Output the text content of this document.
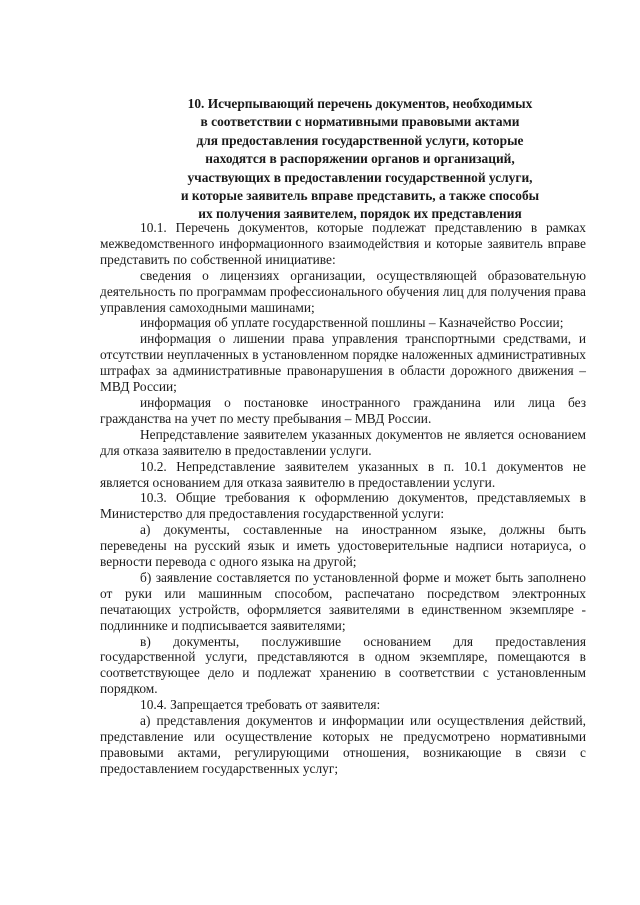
10. Исчерпывающий перечень документов, необходимых
в соответствии с нормативными правовыми актами
для предоставления государственной услуги, которые
находятся в распоряжении органов и организаций,
участвующих в предоставлении государственной услуги,
и которые заявитель вправе представить, а также способы
их получения заявителем, порядок их представления

10.1. Перечень документов, которые подлежат представлению в рамках межведомственного информационного взаимодействия и которые заявитель вправе представить по собственной инициативе:

сведения о лицензиях организации, осуществляющей образовательную деятельность по программам профессионального обучения лиц для получения права управления самоходными машинами;

информация об уплате государственной пошлины – Казначейство России;

информация о лишении права управления транспортными средствами, и отсутствии неуплаченных в установленном порядке наложенных административных штрафах за административные правонарушения в области дорожного движения – МВД России;

информация о постановке иностранного гражданина или лица без гражданства на учет по месту пребывания – МВД России.

Непредставление заявителем указанных документов не является основанием для отказа заявителю в предоставлении услуги.

10.2. Непредставление заявителем указанных в п. 10.1 документов не является основанием для отказа заявителю в предоставлении услуги.

10.3. Общие требования к оформлению документов, представляемых в Министерство для предоставления государственной услуги:

а) документы, составленные на иностранном языке, должны быть переведены на русский язык и иметь удостоверительные надписи нотариуса, о верности перевода с одного языка на другой;

б) заявление составляется по установленной форме и может быть заполнено от руки или машинным способом, распечатано посредством электронных печатающих устройств, оформляется заявителями в единственном экземпляре - подлиннике и подписывается заявителями;

в) документы, послужившие основанием для предоставления государственной услуги, представляются в одном экземпляре, помещаются в соответствующее дело и подлежат хранению в соответствии с установленным порядком.

10.4. Запрещается требовать от заявителя:

а) представления документов и информации или осуществления действий, представление или осуществление которых не предусмотрено нормативными правовыми актами, регулирующими отношения, возникающие в связи с предоставлением государственных услуг;
